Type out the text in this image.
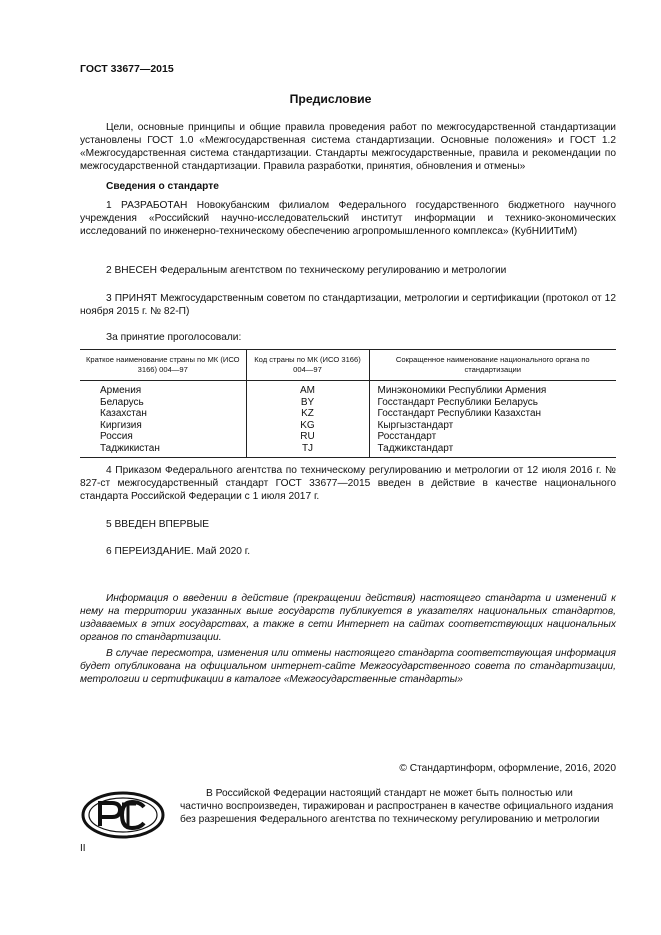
ГОСТ 33677—2015
Предисловие

Цели, основные принципы и общие правила проведения работ по межгосударственной стандартизации установлены ГОСТ 1.0 «Межгосударственная система стандартизации. Основные положения» и ГОСТ 1.2 «Межгосударственная система стандартизации. Стандарты межгосударственные, правила и рекомендации по межгосударственной стандартизации. Правила разработки, принятия, обновления и отмены»

Сведения о стандарте

1 РАЗРАБОТАН Новокубанским филиалом Федерального государственного бюджетного научного учреждения «Российский научно-исследовательский институт информации и технико-экономических исследований по инженерно-техническому обеспечению агропромышленного комплекса» (КубНИИТиМ)

2 ВНЕСЕН Федеральным агентством по техническому регулированию и метрологии

3 ПРИНЯТ Межгосударственным советом по стандартизации, метрологии и сертификации (протокол от 12 ноября 2015 г. № 82-П)

За принятие проголосовали:
Краткое наименование страны по МК (ИСО 3166) 004—97	Код страны по МК (ИСО 3166) 004—97	Сокращенное наименование национального органа по стандартизации
Армения	AM	Минэкономики Республики Армения
Беларусь	BY	Госстандарт Республики Беларусь
Казахстан	KZ	Госстандарт Республики Казахстан
Киргизия	KG	Кыргызстандарт
Россия	RU	Росстандарт
Таджикистан	TJ	Таджикстандарт

4 Приказом Федерального агентства по техническому регулированию и метрологии от 12 июля 2016 г. № 827-ст межгосударственный стандарт ГОСТ 33677—2015 введен в действие в качестве национального стандарта Российской Федерации с 1 июля 2017 г.

5 ВВЕДЕН ВПЕРВЫЕ

6 ПЕРЕИЗДАНИЕ. Май 2020 г.

Информация о введении в действие (прекращении действия) настоящего стандарта и изменений к нему на территории указанных выше государств публикуется в указателях национальных стандартов, издаваемых в этих государствах, а также в сети Интернет на сайтах соответствующих национальных органов по стандартизации.

В случае пересмотра, изменения или отмены настоящего стандарта соответствующая информация будет опубликована на официальном интернет-сайте Межгосударственного совета по стандартизации, метрологии и сертификации в каталоге «Межгосударственные стандарты»

© Стандартинформ, оформление, 2016, 2020

В Российской Федерации настоящий стандарт не может быть полностью или частично воспроизведен, тиражирован и распространен в качестве официального издания без разрешения Федерального агентства по техническому регулированию и метрологии

II
